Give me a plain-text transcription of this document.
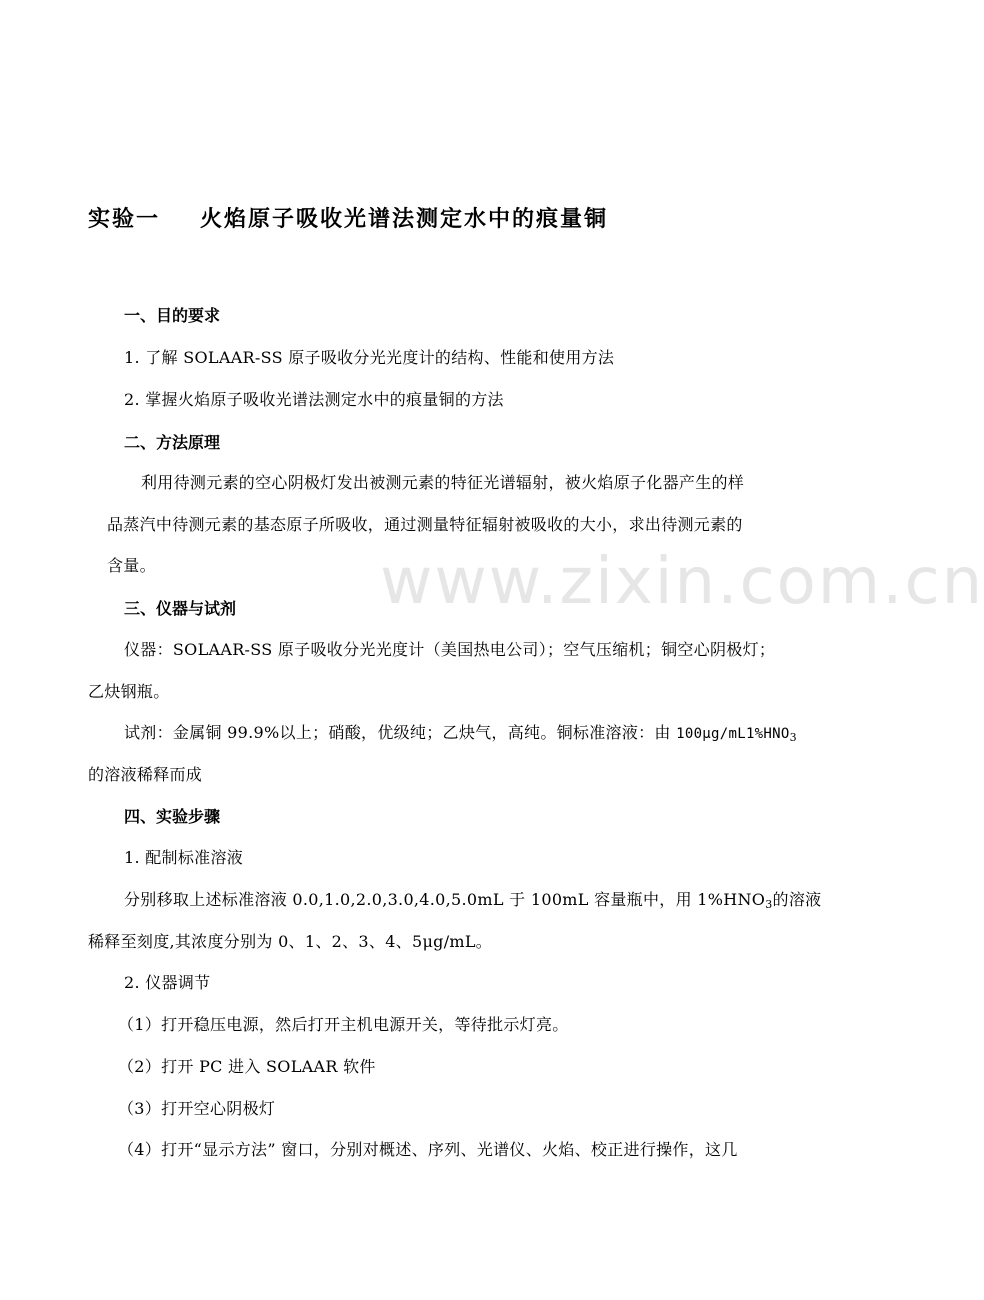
www.zixin.com.cn
实验一 火焰原子吸收光谱法测定水中的痕量铜
一、目的要求
1. 了解 SOLAAR-SS 原子吸收分光光度计的结构、性能和使用方法
2. 掌握火焰原子吸收光谱法测定水中的痕量铜的方法
二、方法原理
利用待测元素的空心阴极灯发出被测元素的特征光谱辐射，被火焰原子化器产生的样
品蒸汽中待测元素的基态原子所吸收，通过测量特征辐射被吸收的大小，求出待测元素的
含量。
三、仪器与试剂
仪器：SOLAAR-SS 原子吸收分光光度计（美国热电公司）；空气压缩机；铜空心阴极灯；
乙炔钢瓶。
试剂：金属铜 99.9%以上；硝酸，优级纯；乙炔气，高纯。铜标准溶液：由 $100\mu g/mL1\%HNO_3$
的溶液稀释而成
四、实验步骤
1. 配制标准溶液
分别移取上述标准溶液 0.0,1.0,2.0,3.0,4.0,5.0mL 于 100mL 容量瓶中，用 $1\%HNO_3$的溶液
稀释至刻度,其浓度分别为 0、1、2、3、4、5μg/mL。
2. 仪器调节
（1）打开稳压电源，然后打开主机电源开关，等待批示灯亮。
（2）打开 PC 进入 SOLAAR 软件
（3）打开空心阴极灯
（4）打开“显示方法” 窗口，分别对概述、序列、光谱仪、火焰、校正进行操作，这几
